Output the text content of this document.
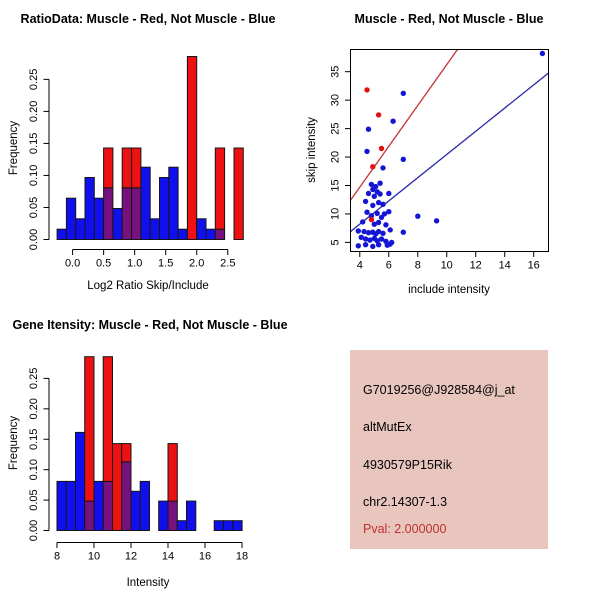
0.00
0.05
0.10
0.15
0.20
0.25
0.0 0.5 1.0 1.5 2.0 2.5	4 6 8 10 12 14 16
5
10
15
20
25
30
35
0.00
0.05
0.10
0.15
0.20
0.25
8	10 12 14 16 18
RatioData: Muscle - Red, Not Muscle - Blue	Muscle - Red, Not Muscle - Blue
Gene Itensity: Muscle - Red, Not Muscle - Blue
Log2 Ratio Skip/Include
Frequency
include intensity
skip intensity
Intensity
Frequency
G7019256@J928584@j_at
altMutEx
4930579P15Rik
chr2.14307-1.3
Pval: 2.000000
